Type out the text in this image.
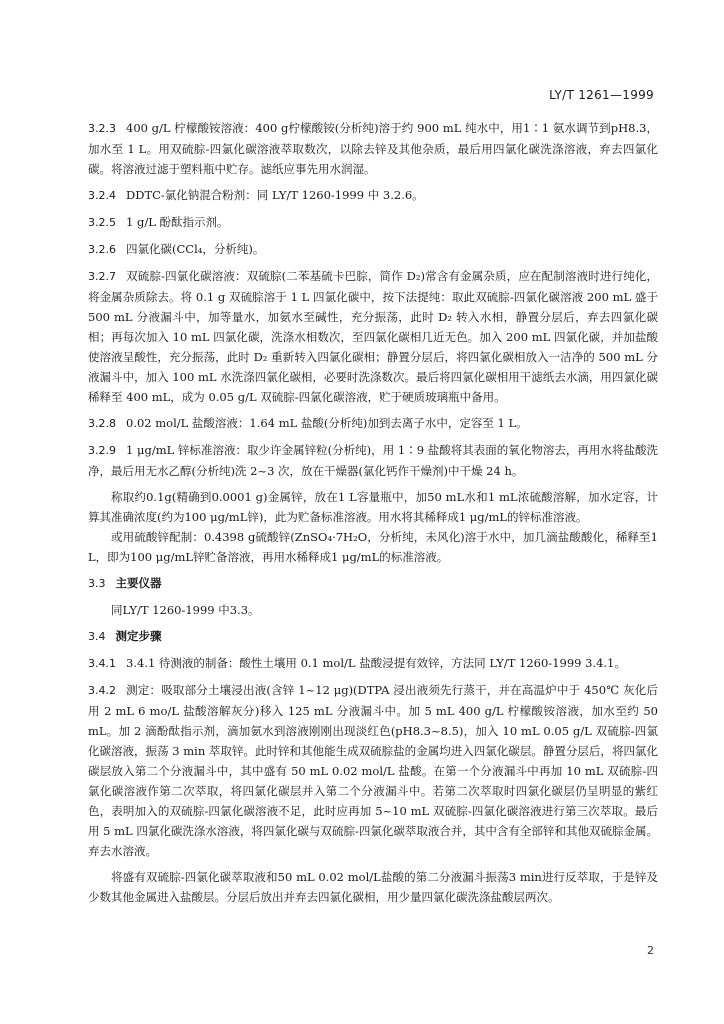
LY/T 1261—1999

3.2.3 400 g/L 柠檬酸铵溶液：400 g柠檬酸铵(分析纯)溶于约 900 mL 纯水中，用1∶1 氨水调节到pH8.3，加水至 1 L。用双硫腙-四氯化碳溶液萃取数次，以除去锌及其他杂质，最后用四氯化碳洗涤溶液，弃去四氯化碳。将溶液过滤于塑料瓶中贮存。滤纸应事先用水润湿。

3.2.4 DDTC-氯化钠混合粉剂：同 LY/T 1260-1999 中 3.2.6。

3.2.5 1 g/L 酚酞指示剂。

3.2.6 四氯化碳(CCl₄，分析纯)。

3.2.7 双硫腙-四氯化碳溶液：双硫腙(二苯基硫卡巴腙，简作 D₂)常含有金属杂质，应在配制溶液时进行纯化，将金属杂质除去。将 0.1 g 双硫腙溶于 1 L 四氯化碳中，按下法提纯：取此双硫腙-四氯化碳溶液 200 mL 盛于 500 mL 分液漏斗中，加等量水，加氨水至碱性，充分振荡，此时 D₂ 转入水相，静置分层后，弃去四氯化碳相；再每次加入 10 mL 四氯化碳，洗涤水相数次，至四氯化碳相几近无色。加入 200 mL 四氯化碳，并加盐酸使溶液呈酸性，充分振荡，此时 D₂ 重新转入四氯化碳相；静置分层后，将四氯化碳相放入一洁净的 500 mL 分液漏斗中，加入 100 mL 水洗涤四氯化碳相，必要时洗涤数次。最后将四氯化碳相用干滤纸去水滴，用四氯化碳稀释至 400 mL，成为 0.05 g/L 双硫腙-四氯化碳溶液，贮于硬质玻璃瓶中备用。

3.2.8 0.02 mol/L 盐酸溶液：1.64 mL 盐酸(分析纯)加到去离子水中，定容至 1 L。

3.2.9 1 μg/mL 锌标准溶液：取少许金属锌粒(分析纯)，用 1∶9 盐酸将其表面的氧化物溶去，再用水将盐酸洗净，最后用无水乙醇(分析纯)洗 2~3 次，放在干燥器(氯化钙作干燥剂)中干燥 24 h。

称取约0.1g(精确到0.0001 g)金属锌，放在1 L容量瓶中，加50 mL水和1 mL浓硫酸溶解，加水定容，计算其准确浓度(约为100 μg/mL锌)，此为贮备标准溶液。用水将其稀释成1 μg/mL的锌标准溶液。

或用硫酸锌配制：0.4398 g硫酸锌(ZnSO₄·7H₂O，分析纯，未风化)溶于水中，加几滴盐酸酸化，稀释至1 L，即为100 μg/mL锌贮备溶液，再用水稀释成1 μg/mL的标准溶液。

3.3 主要仪器

同LY/T 1260-1999 中3.3。

3.4 测定步骤

3.4.1 3.4.1 待测液的制备：酸性土壤用 0.1 mol/L 盐酸浸提有效锌，方法同 LY/T 1260-1999 3.4.1。

3.4.2 测定：吸取部分土壤浸出液(含锌 1~12 μg)(DTPA 浸出液须先行蒸干，并在高温炉中于 450℃ 灰化后用 2 mL 6 mo/L 盐酸溶解灰分)移入 125 mL 分液漏斗中。加 5 mL 400 g/L 柠檬酸铵溶液，加水至约 50 mL。加 2 滴酚酞指示剂，滴加氨水到溶液刚刚出现淡红色(pH8.3~8.5)，加入 10 mL 0.05 g/L 双硫腙-四氯化碳溶液，振荡 3 min 萃取锌。此时锌和其他能生成双硫腙盐的金属均进入四氯化碳层。静置分层后，将四氯化碳层放入第二个分液漏斗中，其中盛有 50 mL 0.02 mol/L 盐酸。在第一个分液漏斗中再加 10 mL 双硫腙-四氯化碳溶液作第二次萃取，将四氯化碳层并入第二个分液漏斗中。若第二次萃取时四氯化碳层仍呈明显的紫红色，表明加入的双硫腙-四氯化碳溶液不足，此时应再加 5~10 mL 双硫腙-四氯化碳溶液进行第三次萃取。最后用 5 mL 四氯化碳洗涤水溶液，将四氯化碳与双硫腙-四氯化碳萃取液合并，其中含有全部锌和其他双硫腙金属。弃去水溶液。

将盛有双硫腙-四氯化碳萃取液和50 mL 0.02 mol/L盐酸的第二分液漏斗振荡3 min进行反萃取，于是锌及少数其他金属进入盐酸层。分层后放出并弃去四氯化碳相，用少量四氯化碳洗涤盐酸层两次。

2
